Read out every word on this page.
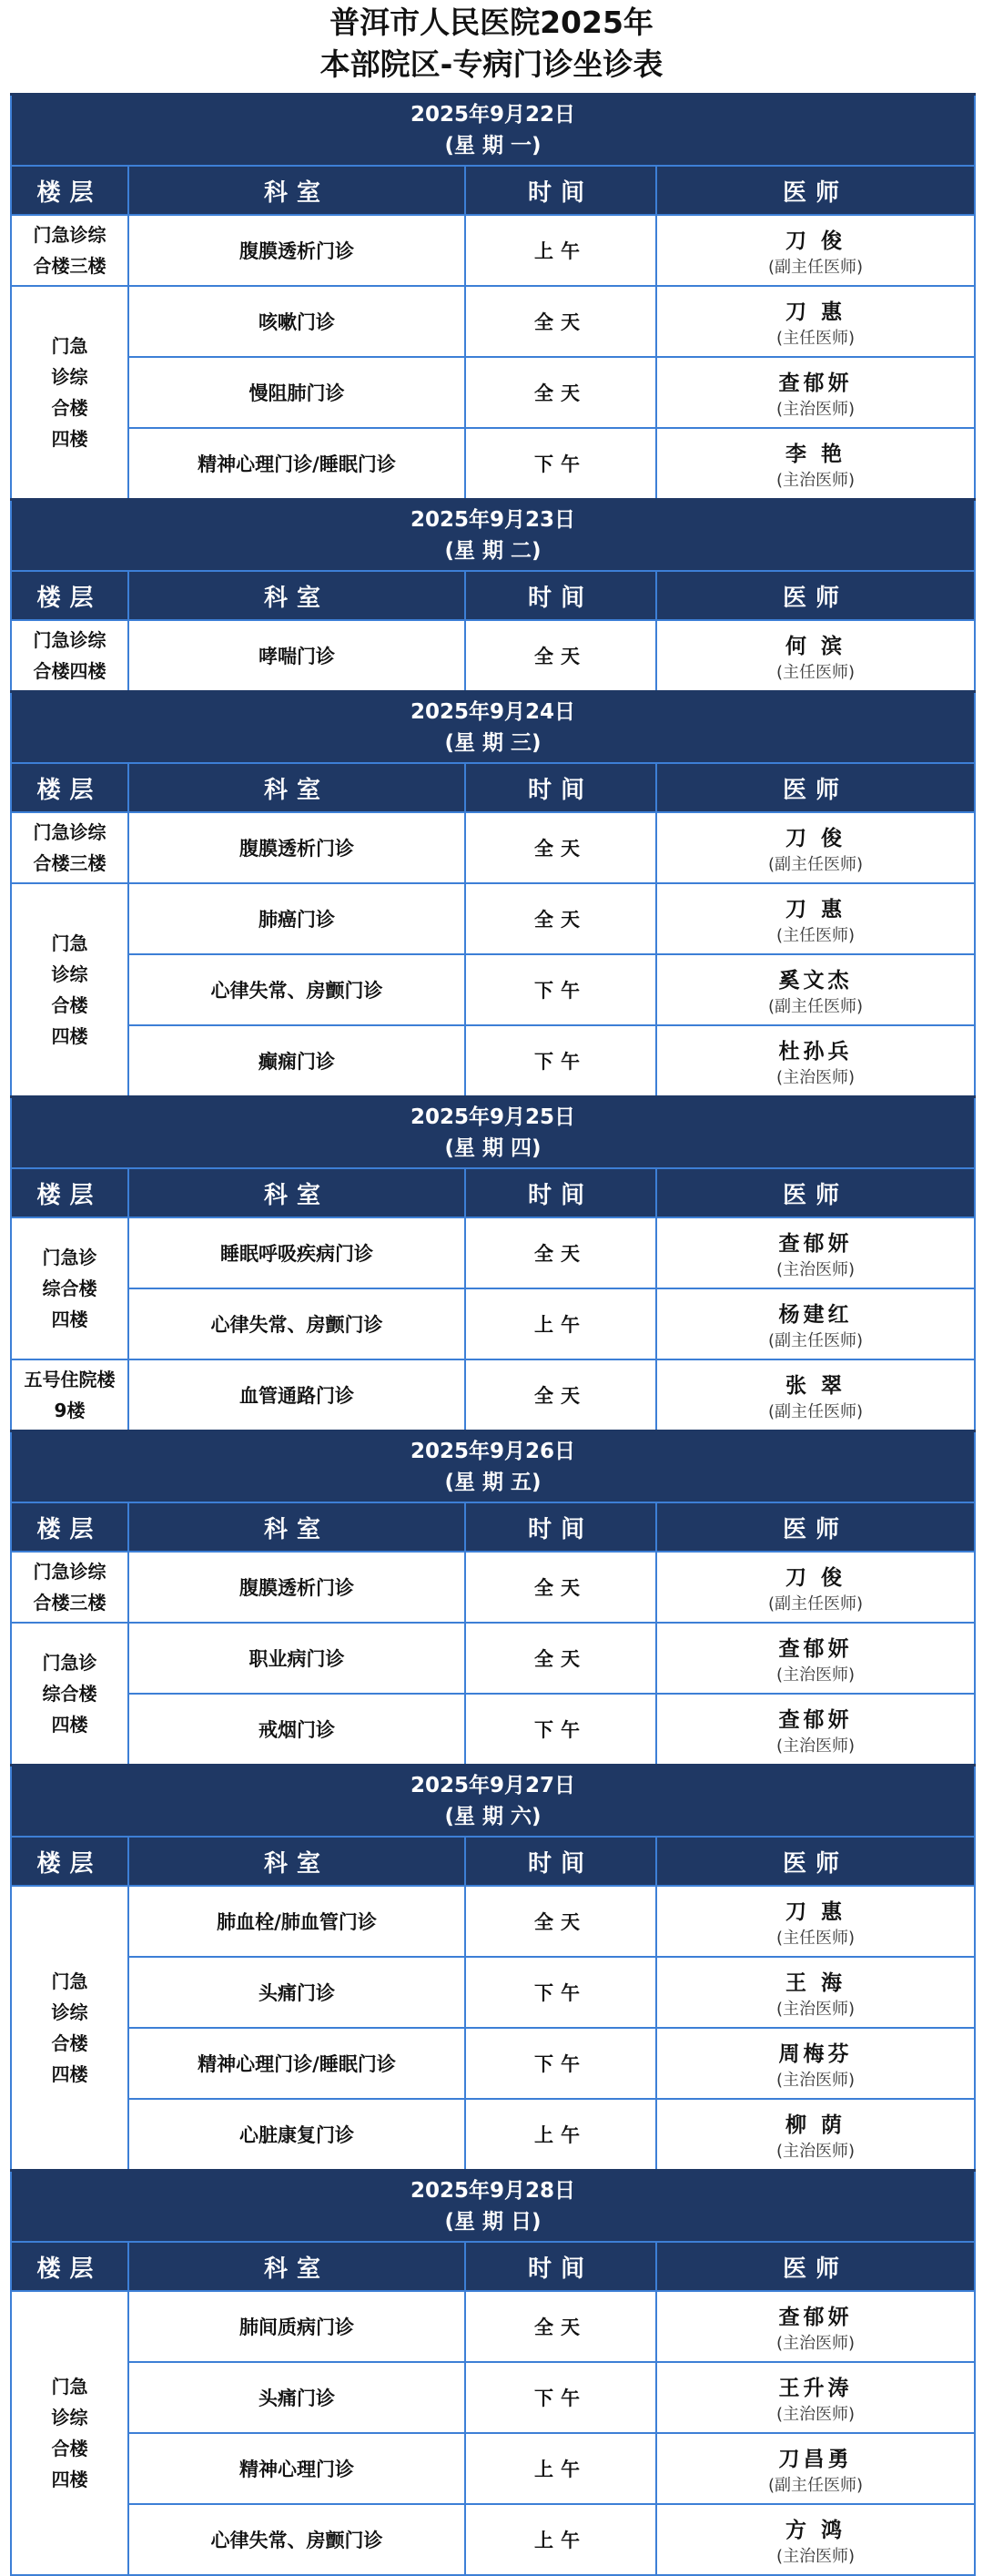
普洱市人民医院2025年
本部院区-专病门诊坐诊表
2025年9月22日
(星 期 一)			

楼层	科室	时间	医师
门急诊综
合楼三楼	腹膜透析门诊	上午	刀 俊
(副主任医师)

门急
诊综
合楼
四楼	咳嗽门诊	全天	刀 惠
(主任医师)

	慢阻肺门诊	全天	查郁妍
(主治医师)

	精神心理门诊/睡眠门诊	下午	李 艳
(主治医师)

2025年9月23日
(星 期 二)			

楼层	科室	时间	医师
门急诊综
合楼四楼	哮喘门诊	全天	何 滨
(主任医师)

2025年9月24日
(星 期 三)			

楼层	科室	时间	医师
门急诊综
合楼三楼	腹膜透析门诊	全天	刀 俊
(副主任医师)

门急
诊综
合楼
四楼	肺癌门诊	全天	刀 惠
(主任医师)

	心律失常、房颤门诊	下午	奚文杰
(副主任医师)

	癫痫门诊	下午	杜孙兵
(主治医师)

2025年9月25日
(星 期 四)			

楼层	科室	时间	医师
门急诊
综合楼
四楼	睡眠呼吸疾病门诊	全天	查郁妍
(主治医师)

	心律失常、房颤门诊	上午	杨建红
(副主任医师)

五号住院楼
9楼	血管通路门诊	全天	张 翠
(副主任医师)

2025年9月26日
(星 期 五)			

楼层	科室	时间	医师
门急诊综
合楼三楼	腹膜透析门诊	全天	刀 俊
(副主任医师)

门急诊
综合楼
四楼	职业病门诊	全天	查郁妍
(主治医师)

	戒烟门诊	下午	查郁妍
(主治医师)

2025年9月27日
(星 期 六)			

楼层	科室	时间	医师
门急
诊综
合楼
四楼	肺血栓/肺血管门诊	全天	刀 惠
(主任医师)

	头痛门诊	下午	王 海
(主治医师)

	精神心理门诊/睡眠门诊	下午	周梅芬
(主治医师)

	心脏康复门诊	上午	柳 荫
(主治医师)

2025年9月28日
(星 期 日)			

楼层	科室	时间	医师
门急
诊综
合楼
四楼	肺间质病门诊	全天	查郁妍
(主治医师)

	头痛门诊	下午	王升涛
(主治医师)

	精神心理门诊	上午	刀昌勇
(副主任医师)

	心律失常、房颤门诊	上午	方 鸿
(主治医师)
